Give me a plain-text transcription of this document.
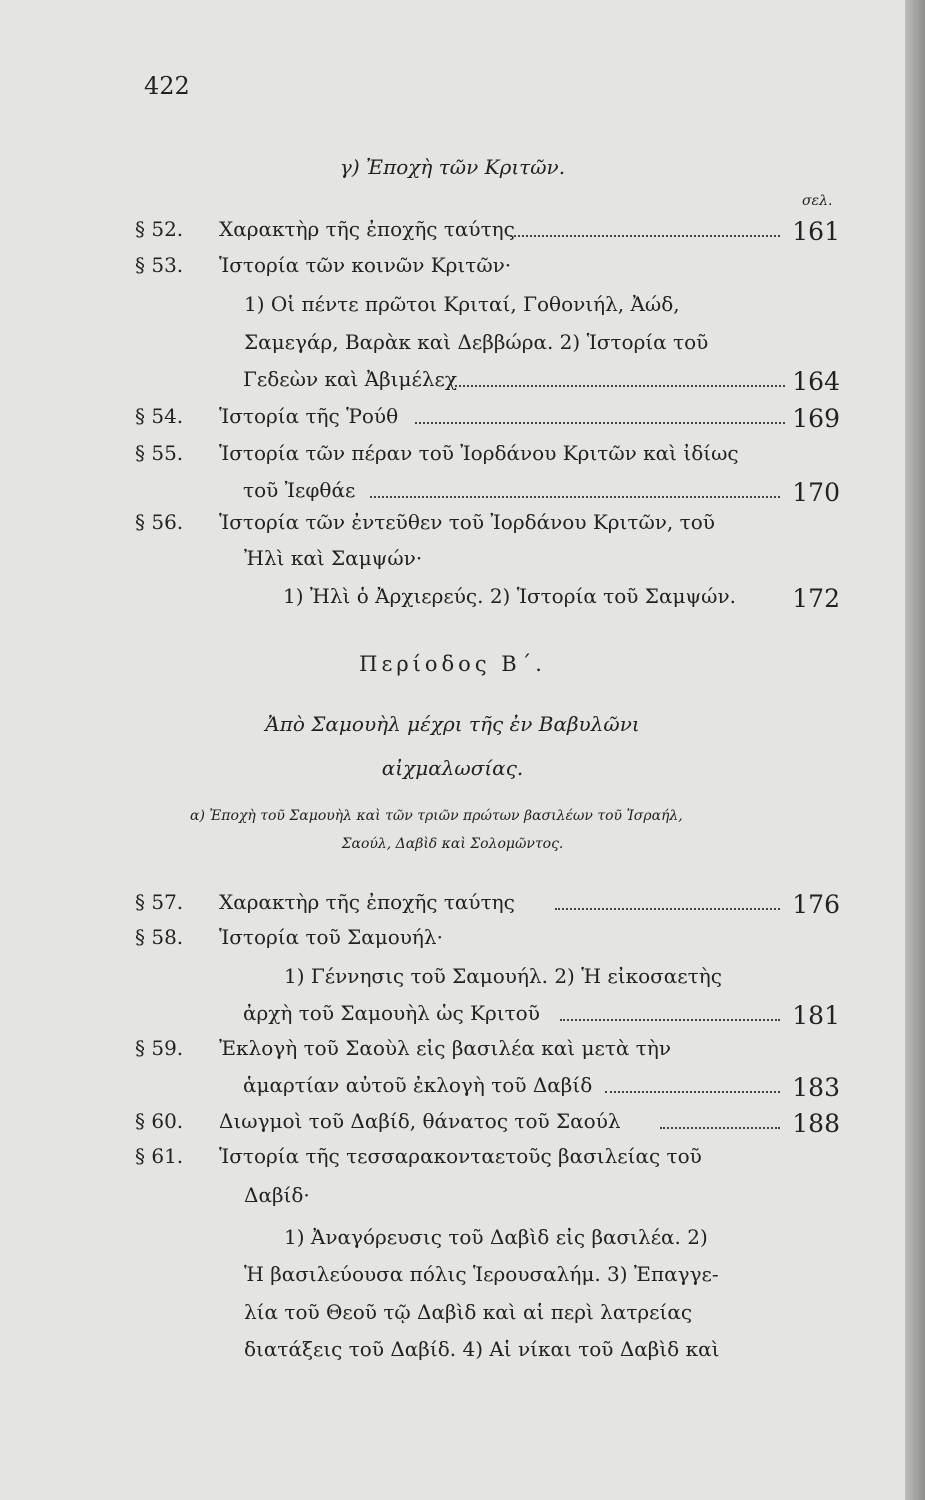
422
γ) Ἐποχὴ τῶν Κριτῶν.
σελ.
§ 52. Χαρακτὴρ τῆς ἐποχῆς ταύτης	161
§ 53. Ἱστορία τῶν κοινῶν Κριτῶν·
1) Οἱ πέντε πρῶτοι Κριταί, Γοθονιήλ, Ἀώδ,
Σαμεγάρ, Βαρὰκ καὶ Δεββώρα. 2) Ἱστορία τοῦ
Γεδεὼν καὶ Ἀβιμέλεχ	164
§ 54. Ἱστορία τῆς Ῥούθ	169
§ 55. Ἱστορία τῶν πέραν τοῦ Ἰορδάνου Κριτῶν καὶ ἰδίως
τοῦ Ἰεφθάε	170
§ 56. Ἱστορία τῶν ἐντεῦθεν τοῦ Ἰορδάνου Κριτῶν, τοῦ
Ἠλὶ καὶ Σαμψών·
1) Ἠλὶ ὁ Ἀρχιερεύς. 2) Ἱστορία τοῦ Σαμψών. 172
Περίοδος Β΄.
Ἀπὸ Σαμουὴλ μέχρι τῆς ἐν Βαβυλῶνι
αἰχμαλωσίας.
α) Ἐποχὴ τοῦ Σαμουὴλ καὶ τῶν τριῶν πρώτων βασιλέων τοῦ Ἰσραήλ,
Σαούλ, Δαβὶδ καὶ Σολομῶντος.
§ 57. Χαρακτὴρ τῆς ἐποχῆς ταύτης	176
§ 58. Ἱστορία τοῦ Σαμουήλ·
1) Γέννησις τοῦ Σαμουήλ. 2) Ἡ εἰκοσαετὴς
ἀρχὴ τοῦ Σαμουὴλ ὡς Κριτοῦ	181
§ 59. Ἐκλογὴ τοῦ Σαοὺλ εἰς βασιλέα καὶ μετὰ τὴν
ἁμαρτίαν αὐτοῦ ἐκλογὴ τοῦ Δαβίδ	183
§ 60. Διωγμοὶ τοῦ Δαβίδ, θάνατος τοῦ Σαούλ	188
§ 61. Ἱστορία τῆς τεσσαρακονταετοῦς βασιλείας τοῦ
Δαβίδ·
1) Ἀναγόρευσις τοῦ Δαβὶδ εἰς βασιλέα. 2)
Ἡ βασιλεύουσα πόλις Ἱερουσαλήμ. 3) Ἐπαγγε-
λία τοῦ Θεοῦ τῷ Δαβὶδ καὶ αἱ περὶ λατρείας
διατάξεις τοῦ Δαβίδ. 4) Αἱ νίκαι τοῦ Δαβὶδ καὶ
